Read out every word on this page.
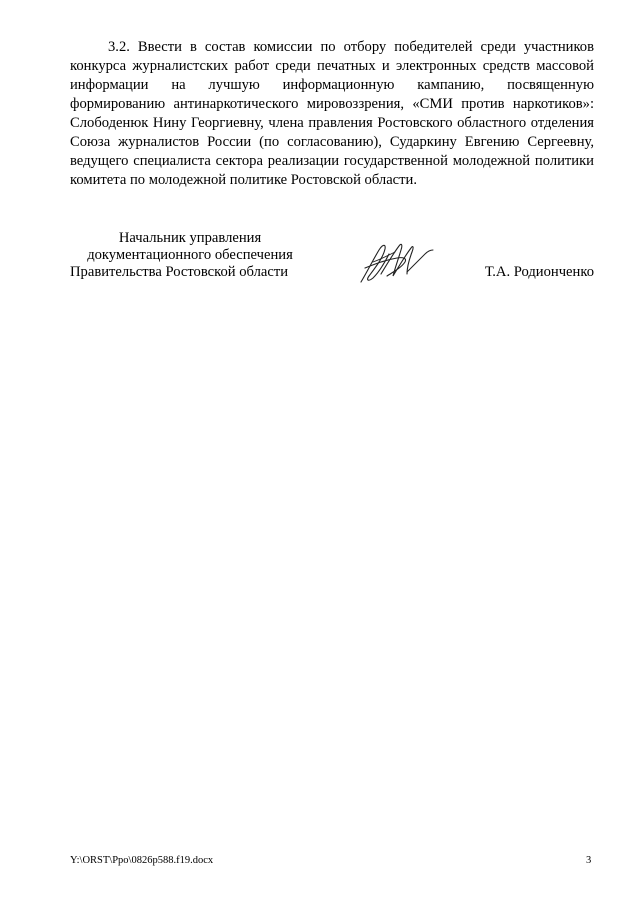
3.2. Ввести в состав комиссии по отбору победителей среди участников конкурса журналистских работ среди печатных и электронных средств массовой информации на лучшую информационную кампанию, посвященную формированию антинаркотического мировоззрения, «СМИ против наркотиков»: Слободенюк Нину Георгиевну, члена правления Ростовского областного отделения Союза журналистов России (по согласованию), Сударкину Евгению Сергеевну, ведущего специалиста сектора реализации государственной молодежной политики комитета по молодежной политике Ростовской области.

Начальник управления
документационного обеспечения
Правительства Ростовской области	Т.А. Родионченко
Y:\ORST\Ppo\0826p588.f19.docx	3
